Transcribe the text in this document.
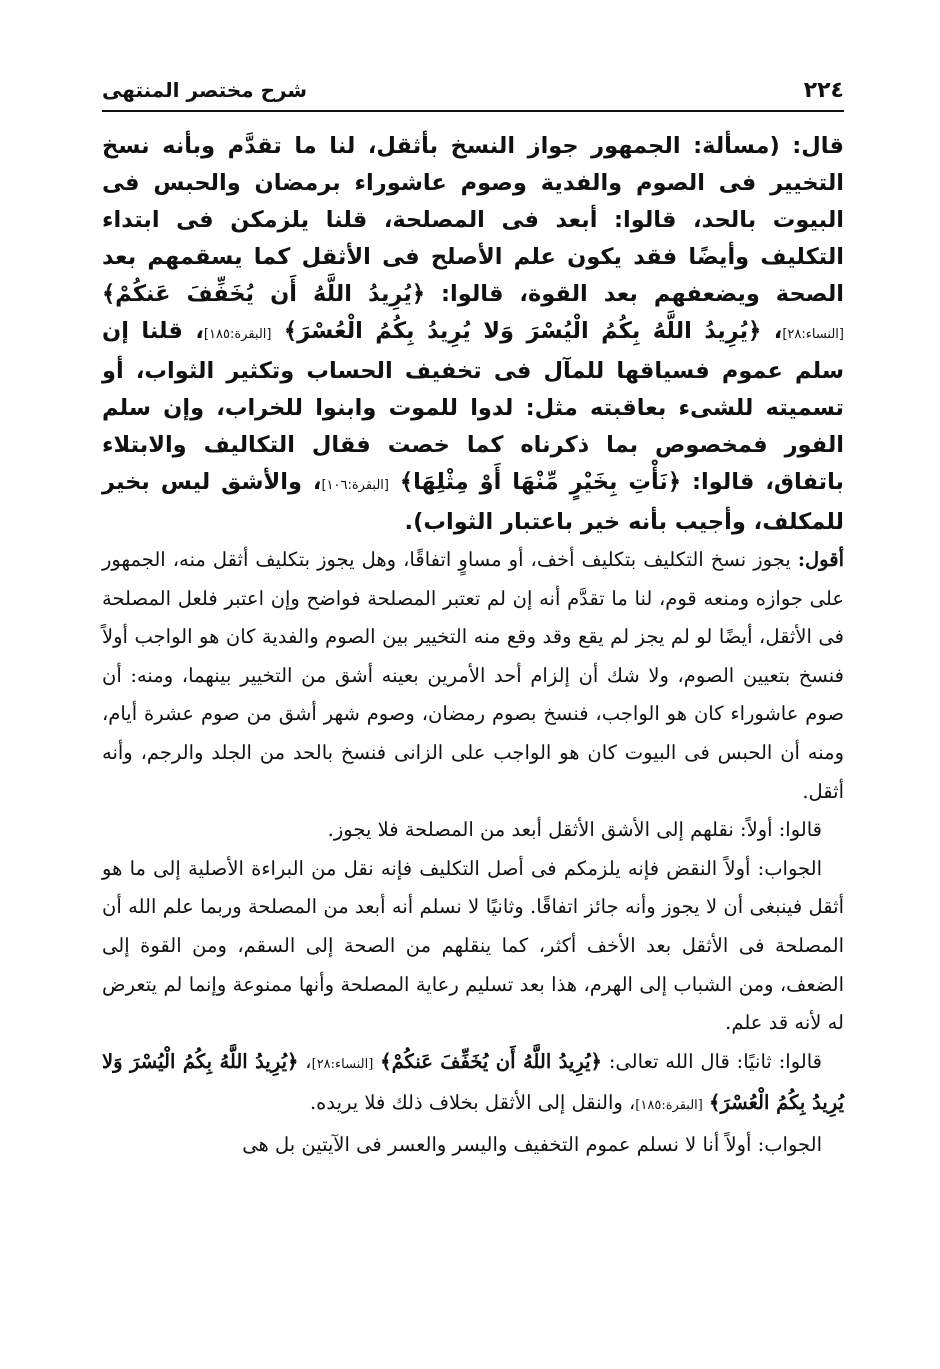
٢٢٤
شرح مختصر المنتهى

قال: (مسألة: الجمهور جواز النسخ بأثقل، لنا ما تقدَّم وبأنه نسخ التخيير فى الصوم والفدية وصوم عاشوراء برمضان والحبس فى البيوت بالحد، قالوا: أبعد فى المصلحة، قلنا يلزمكن فى ابتداء التكليف وأيضًا فقد يكون علم الأصلح فى الأثقل كما يسقمهم بعد الصحة ويضعفهم بعد القوة، قالوا: ﴿يُرِيدُ اللَّهُ أَن يُخَفِّفَ عَنكُمْ﴾ [النساء:٢٨]، ﴿يُرِيدُ اللَّهُ بِكُمُ الْيُسْرَ وَلا يُرِيدُ بِكُمُ الْعُسْرَ﴾ [البقرة:١٨٥]، قلنا إن سلم عموم فسياقها للمآل فى تخفيف الحساب وتكثير الثواب، أو تسميته للشىء بعاقبته مثل: لدوا للموت وابنوا للخراب، وإن سلم الفور فمخصوص بما ذكرناه كما خصت فقال التكاليف والابتلاء باتفاق، قالوا: ﴿نَأْتِ بِخَيْرٍ مِّنْهَا أَوْ مِثْلِهَا﴾ [البقرة:١٠٦]، والأشق ليس بخير للمكلف، وأجيب بأنه خير باعتبار الثواب).

أقول: يجوز نسخ التكليف بتكليف أخف، أو مساوٍ اتفاقًا، وهل يجوز بتكليف أثقل منه، الجمهور على جوازه ومنعه قوم، لنا ما تقدَّم أنه إن لم تعتبر المصلحة فواضح وإن اعتبر فلعل المصلحة فى الأثقل، أيضًا لو لم يجز لم يقع وقد وقع منه التخيير بين الصوم والفدية كان هو الواجب أولاً فنسخ بتعيين الصوم، ولا شك أن إلزام أحد الأمرين بعينه أشق من التخيير بينهما، ومنه: أن صوم عاشوراء كان هو الواجب، فنسخ بصوم رمضان، وصوم شهر أشق من صوم عشرة أيام، ومنه أن الحبس فى البيوت كان هو الواجب على الزانى فنسخ بالحد من الجلد والرجم، وأنه أثقل.

قالوا: أولاً: نقلهم إلى الأشق الأثقل أبعد من المصلحة فلا يجوز.

الجواب: أولاً النقض فإنه يلزمكم فى أصل التكليف فإنه نقل من البراءة الأصلية إلى ما هو أثقل فينبغى أن لا يجوز وأنه جائز اتفاقًا. وثانيًا لا نسلم أنه أبعد من المصلحة وربما علم الله أن المصلحة فى الأثقل بعد الأخف أكثر، كما ينقلهم من الصحة إلى السقم، ومن القوة إلى الضعف، ومن الشباب إلى الهرم، هذا بعد تسليم رعاية المصلحة وأنها ممنوعة وإنما لم يتعرض له لأنه قد علم.

قالوا: ثانيًا: قال الله تعالى: ﴿يُرِيدُ اللَّهُ أَن يُخَفِّفَ عَنكُمْ﴾ [النساء:٢٨]، ﴿يُرِيدُ اللَّهُ بِكُمُ الْيُسْرَ وَلا يُرِيدُ بِكُمُ الْعُسْرَ﴾ [البقرة:١٨٥]، والنقل إلى الأثقل بخلاف ذلك فلا يريده.

الجواب: أولاً أنا لا نسلم عموم التخفيف واليسر والعسر فى الآيتين بل هى
